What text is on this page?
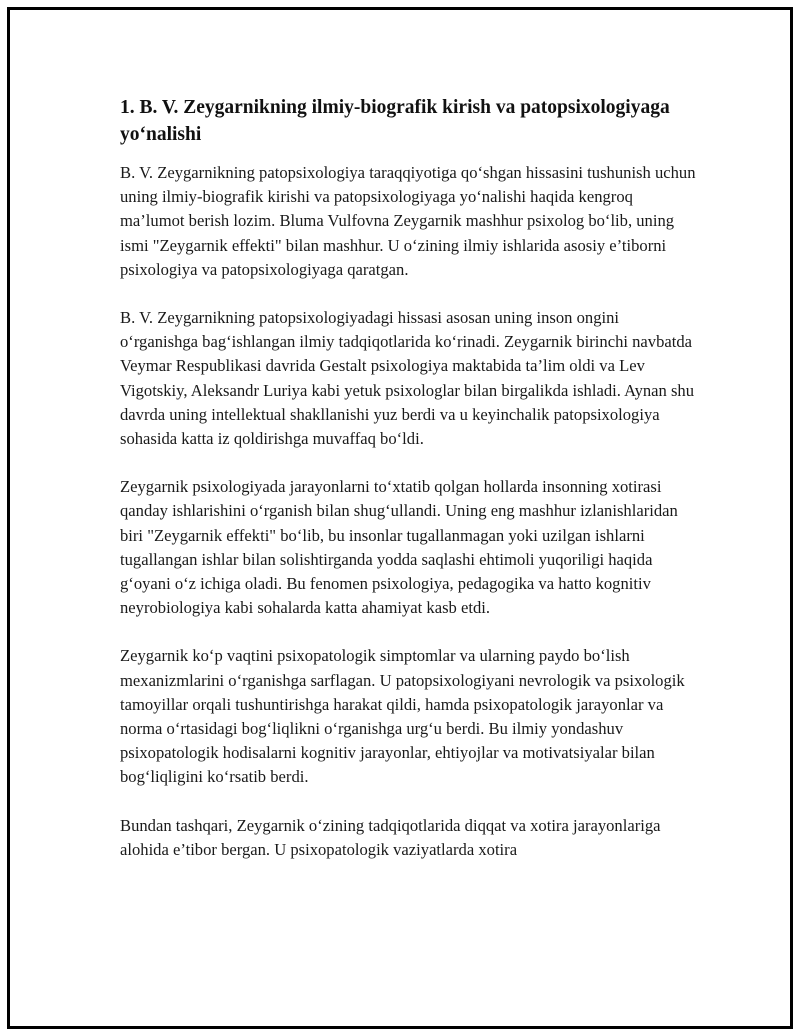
1. B. V. Zeygarnikning ilmiy-biografik kirish va patopsixologiyaga yo‘nalishi

B. V. Zeygarnikning patopsixologiya taraqqiyotiga qo‘shgan hissasini tushunish uchun uning ilmiy-biografik kirishi va patopsixologiyaga yo‘nalishi haqida kengroq ma’lumot berish lozim. Bluma Vulfovna Zeygarnik mashhur psixolog bo‘lib, uning ismi "Zeygarnik effekti" bilan mashhur. U o‘zining ilmiy ishlarida asosiy e’tiborni psixologiya va patopsixologiyaga qaratgan.

B. V. Zeygarnikning patopsixologiyadagi hissasi asosan uning inson ongini o‘rganishga bag‘ishlangan ilmiy tadqiqotlarida ko‘rinadi. Zeygarnik birinchi navbatda Veymar Respublikasi davrida Gestalt psixologiya maktabida ta’lim oldi va Lev Vigotskiy, Aleksandr Luriya kabi yetuk psixologlar bilan birgalikda ishladi. Aynan shu davrda uning intellektual shakllanishi yuz berdi va u keyinchalik patopsixologiya sohasida katta iz qoldirishga muvaffaq bo‘ldi.

Zeygarnik psixologiyada jarayonlarni to‘xtatib qolgan hollarda insonning xotirasi qanday ishlarishini o‘rganish bilan shug‘ullandi. Uning eng mashhur izlanishlaridan biri "Zeygarnik effekti" bo‘lib, bu insonlar tugallanmagan yoki uzilgan ishlarni tugallangan ishlar bilan solishtirganda yodda saqlashi ehtimoli yuqoriligi haqida g‘oyani o‘z ichiga oladi. Bu fenomen psixologiya, pedagogika va hatto kognitiv neyrobiologiya kabi sohalarda katta ahamiyat kasb etdi.

Zeygarnik ko‘p vaqtini psixopatologik simptomlar va ularning paydo bo‘lish mexanizmlarini o‘rganishga sarflagan. U patopsixologiyani nevrologik va psixologik tamoyillar orqali tushuntirishga harakat qildi, hamda psixopatologik jarayonlar va norma o‘rtasidagi bog‘liqlikni o‘rganishga urg‘u berdi. Bu ilmiy yondashuv psixopatologik hodisalarni kognitiv jarayonlar, ehtiyojlar va motivatsiyalar bilan bog‘liqligini ko‘rsatib berdi.

Bundan tashqari, Zeygarnik o‘zining tadqiqotlarida diqqat va xotira jarayonlariga alohida e’tibor bergan. U psixopatologik vaziyatlarda xotira
